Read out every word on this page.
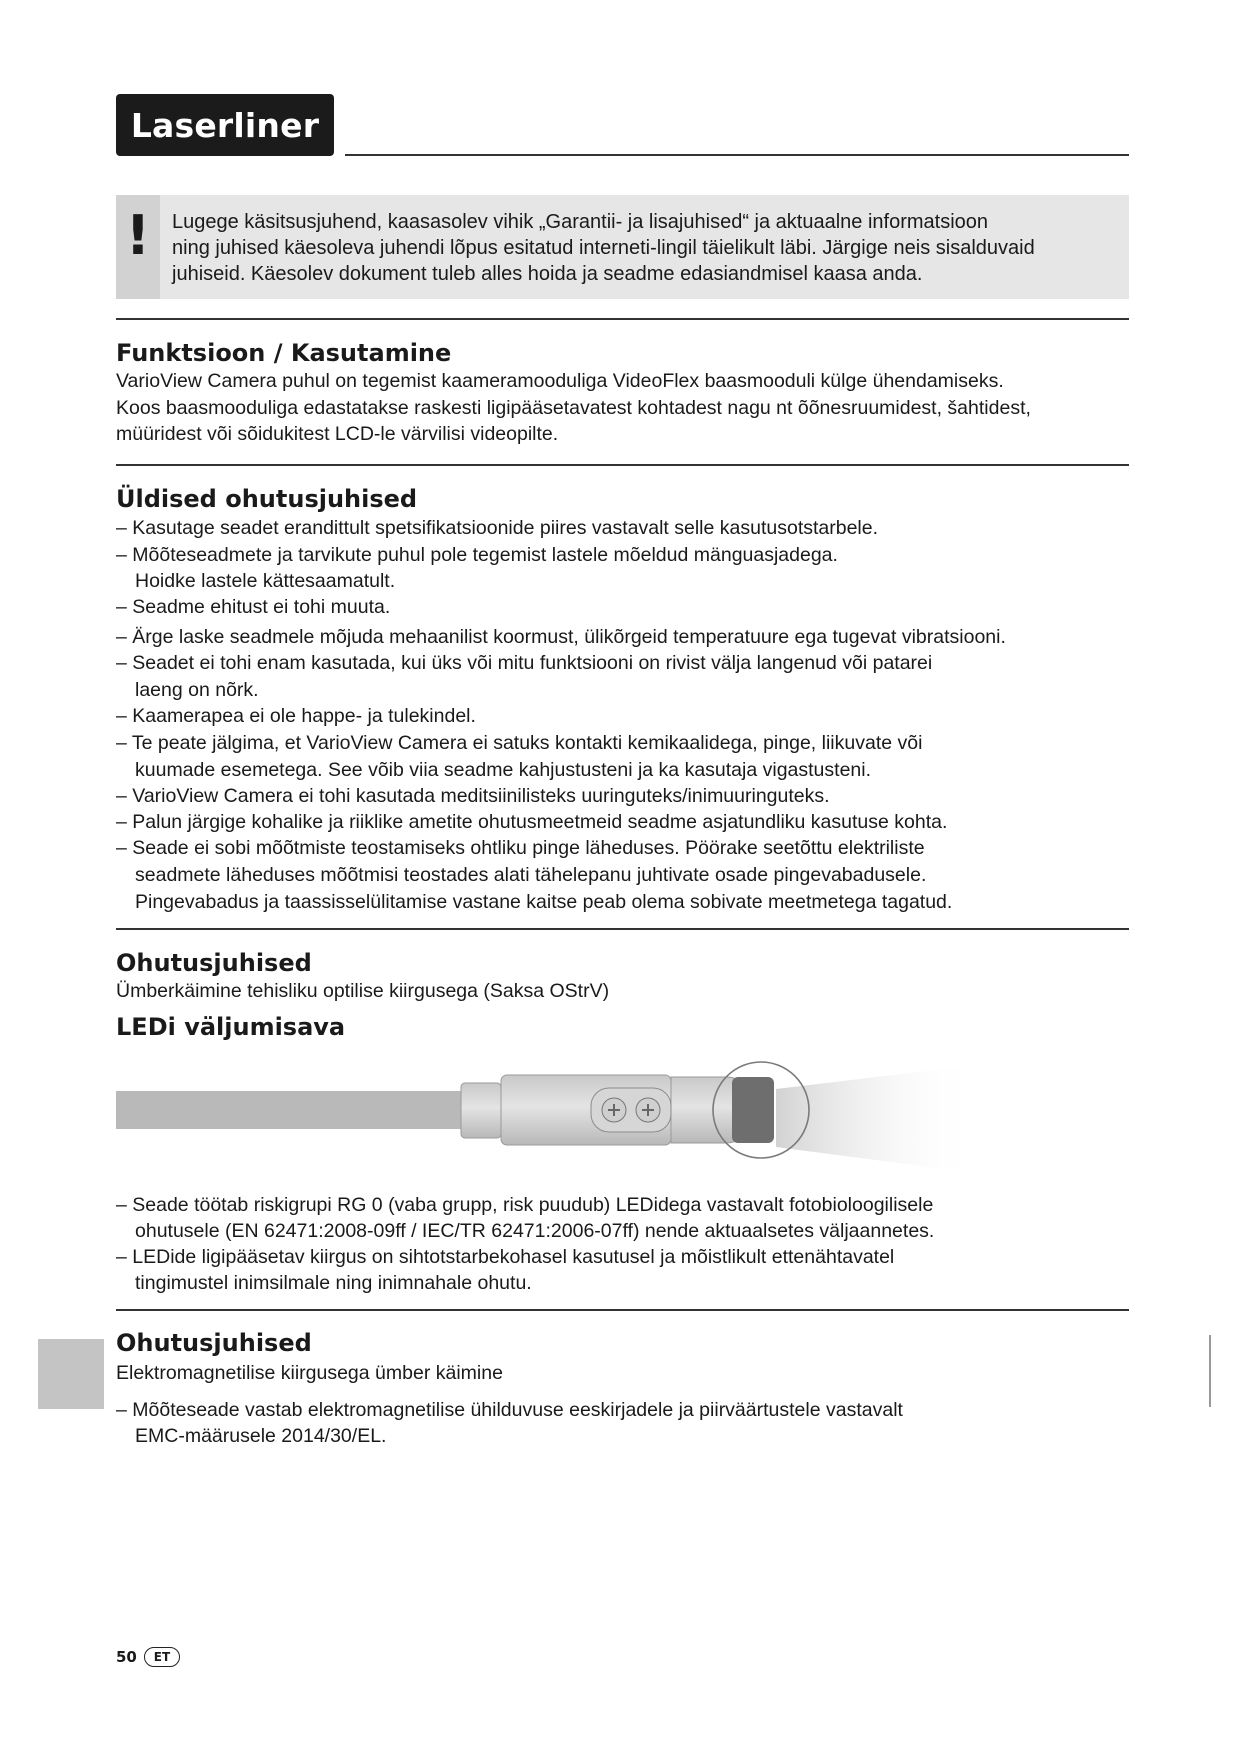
Laserliner
!	Lugege käsitsusjuhend, kaasasolev vihik „Garantii- ja lisajuhised“ ja aktuaalne informatsioon
ning juhised käesoleva juhendi lõpus esitatud interneti-lingil täielikult läbi. Järgige neis sisalduvaid
juhiseid. Käesolev dokument tuleb alles hoida ja seadme edasiandmisel kaasa anda.
Funktsioon / Kasutamine
VarioView Camera puhul on tegemist kaameramooduliga VideoFlex baasmooduli külge ühendamiseks.
Koos baasmooduliga edastatakse raskesti ligipääsetavatest kohtadest nagu nt õõnesruumidest, šahtidest,
müüridest või sõidukitest LCD-le värvilisi videopilte.
Üldised ohutusjuhised
– Kasutage seadet erandittult spetsifikatsioonide piires vastavalt selle kasutusotstarbele.
– Mõõteseadmete ja tarvikute puhul pole tegemist lastele mõeldud mänguasjadega.
Hoidke lastele kättesaamatult.
– Seadme ehitust ei tohi muuta.
– Ärge laske seadmele mõjuda mehaanilist koormust, ülikõrgeid temperatuure ega tugevat vibratsiooni.
– Seadet ei tohi enam kasutada, kui üks või mitu funktsiooni on rivist välja langenud või patarei
laeng on nõrk.
– Kaamerapea ei ole happe- ja tulekindel.
– Te peate jälgima, et VarioView Camera ei satuks kontakti kemikaalidega, pinge, liikuvate või
kuumade esemetega. See võib viia seadme kahjustusteni ja ka kasutaja vigastusteni.
– VarioView Camera ei tohi kasutada meditsiinilisteks uuringuteks/inimuuringuteks.
– Palun järgige kohalike ja riiklike ametite ohutusmeetmeid seadme asjatundliku kasutuse kohta.
– Seade ei sobi mõõtmiste teostamiseks ohtliku pinge läheduses. Pöörake seetõttu elektriliste
seadmete läheduses mõõtmisi teostades alati tähelepanu juhtivate osade pingevabadusele.
Pingevabadus ja taassisselülitamise vastane kaitse peab olema sobivate meetmetega tagatud.
Ohutusjuhised
Ümberkäimine tehisliku optilise kiirgusega (Saksa OStrV)
LEDi väljumisava
– Seade töötab riskigrupi RG 0 (vaba grupp, risk puudub) LEDidega vastavalt fotobioloogilisele
ohutusele (EN 62471:2008-09ff / IEC/TR 62471:2006-07ff) nende aktuaalsetes väljaannetes.
– LEDide ligipääsetav kiirgus on sihtotstarbekohasel kasutusel ja mõistlikult ettenähtavatel
tingimustel inimsilmale ning inimnahale ohutu.
Ohutusjuhised
Elektromagnetilise kiirgusega ümber käimine
– Mõõteseade vastab elektromagnetilise ühilduvuse eeskirjadele ja piirväärtustele vastavalt
EMC-määrusele 2014/30/EL.
50	ET
